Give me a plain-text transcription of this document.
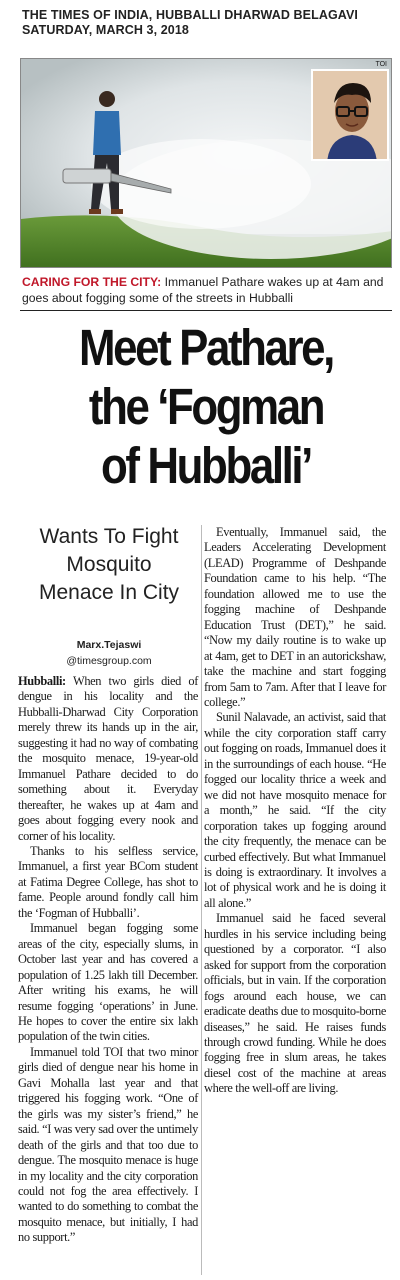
THE TIMES OF INDIA, HUBBALLI DHARWAD BELAGAVI
SATURDAY, MARCH 3, 2018
TOI
CARING FOR THE CITY: Immanuel Pathare wakes up at 4am and goes about fogging some of the streets in Hubballi
Meet Pathare,
the ‘Fogman
of Hubballi’
Wants To Fight
Mosquito
Menace In City
Marx.Tejaswi
@timesgroup.com

Hubballi: When two girls died of dengue in his locality and the Hubballi-Dharwad City Corporation merely threw its hands up in the air, suggesting it had no way of combating the mosquito menace, 19-year-old Immanuel Pathare decided to do something about it. Everyday thereafter, he wakes up at 4am and goes about fogging every nook and corner of his locality.

Thanks to his selfless service, Immanuel, a first year BCom student at Fatima Degree College, has shot to fame. People around fondly call him the ‘Fogman of Hubballi’.

Immanuel began fogging some areas of the city, especially slums, in October last year and has covered a population of 1.25 lakh till December. After writing his exams, he will resume fogging ‘operations’ in June. He hopes to cover the entire six lakh population of the twin cities.

Immanuel told TOI that two minor girls died of dengue near his home in Gavi Mohalla last year and that triggered his fogging work. “One of the girls was my sister’s friend,” he said. “I was very sad over the untimely death of the girls and that too due to dengue. The mosquito menace is huge in my locality and the city corporation could not fog the area effectively. I wanted to do something to combat the mosquito menace, but initially, I had no support.”

Eventually, Immanuel said, the Leaders Accelerating Development (LEAD) Programme of Deshpande Foundation came to his help. “The foundation allowed me to use the fogging machine of Deshpande Education Trust (DET),” he said. “Now my daily routine is to wake up at 4am, get to DET in an autorickshaw, take the machine and start fogging from 5am to 7am. After that I leave for college.”

Sunil Nalavade, an activist, said that while the city corporation staff carry out fogging on roads, Immanuel does it in the surroundings of each house. “He fogged our locality thrice a week and we did not have mosquito menace for a month,” he said. “If the city corporation takes up fogging around the city frequently, the menace can be curbed effectively. But what Immanuel is doing is extraordinary. It involves a lot of physical work and he is doing it all alone.”

Immanuel said he faced several hurdles in his service including being questioned by a corporator. “I also asked for support from the corporation officials, but in vain. If the corporation fogs around each house, we can eradicate deaths due to mosquito-borne diseases,” he said. He raises funds through crowd funding. While he does fogging free in slum areas, he takes diesel cost of the machine at areas where the well-off are living.
